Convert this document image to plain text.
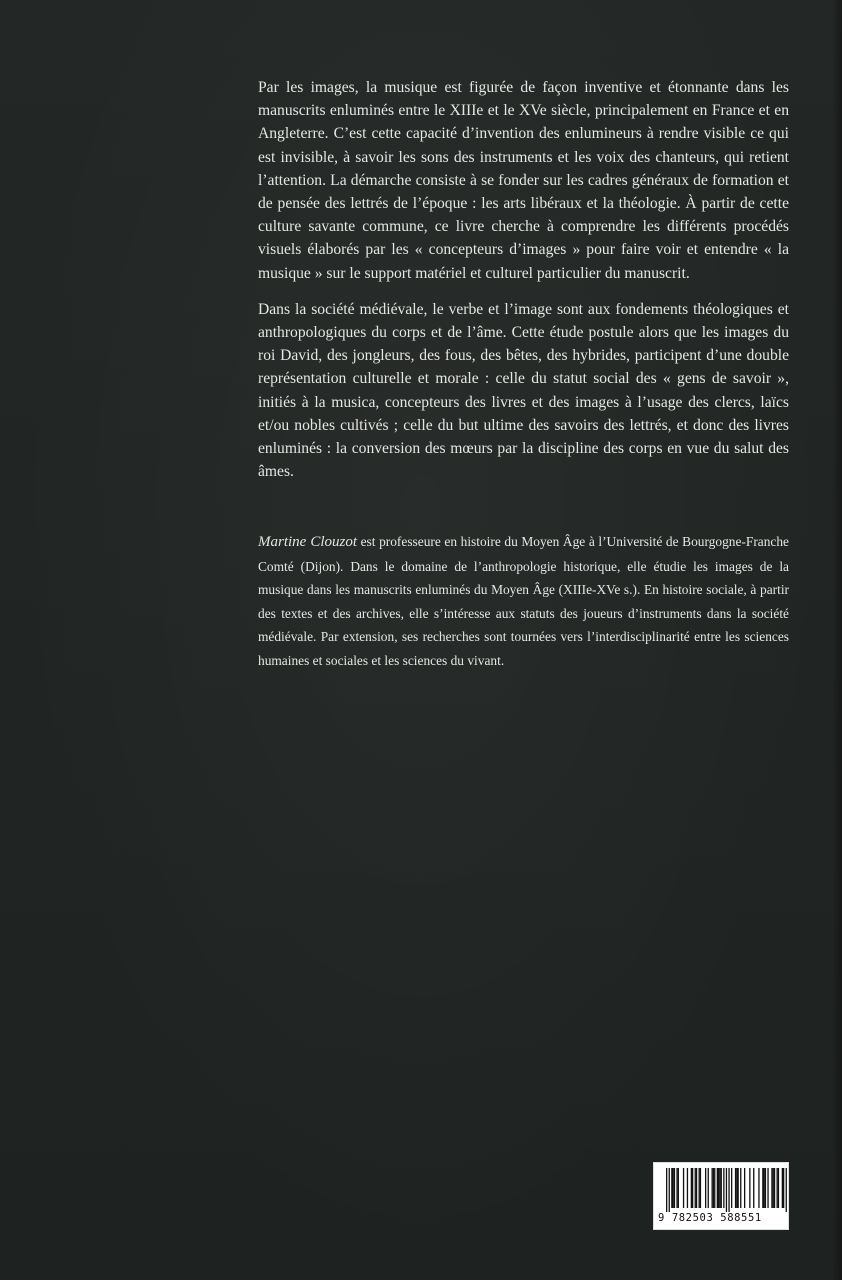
Par les images, la musique est figurée de façon inventive et étonnante dans les manuscrits enluminés entre le XIIIe et le XVe siècle, principalement en France et en Angleterre. C’est cette capacité d’invention des enlumineurs à rendre visible ce qui est invisible, à savoir les sons des instruments et les voix des chanteurs, qui retient l’attention. La démarche consiste à se fonder sur les cadres généraux de formation et de pensée des lettrés de l’époque : les arts libéraux et la théologie. À partir de cette culture savante commune, ce livre cherche à comprendre les différents procédés visuels élaborés par les « concepteurs d’images » pour faire voir et entendre « la musique » sur le support matériel et culturel particulier du manuscrit.

Dans la société médiévale, le verbe et l’image sont aux fondements théologiques et anthropologiques du corps et de l’âme. Cette étude postule alors que les images du roi David, des jongleurs, des fous, des bêtes, des hybrides, participent d’une double représentation culturelle et morale : celle du statut social des « gens de savoir », initiés à la musica, concepteurs des livres et des images à l’usage des clercs, laïcs et/ou nobles cultivés ; celle du but ultime des savoirs des lettrés, et donc des livres enluminés : la conversion des mœurs par la discipline des corps en vue du salut des âmes.

Martine Clouzot est professeure en histoire du Moyen Âge à l’Université de Bourgogne-Franche Comté (Dijon). Dans le domaine de l’anthropologie historique, elle étudie les images de la musique dans les manuscrits enluminés du Moyen Âge (XIIIe-XVe s.). En histoire sociale, à partir des textes et des archives, elle s’intéresse aux statuts des joueurs d’instruments dans la société médiévale. Par extension, ses recherches sont tournées vers l’interdisciplinarité entre les sciences humaines et sociales et les sciences du vivant.

9 782503 588551
